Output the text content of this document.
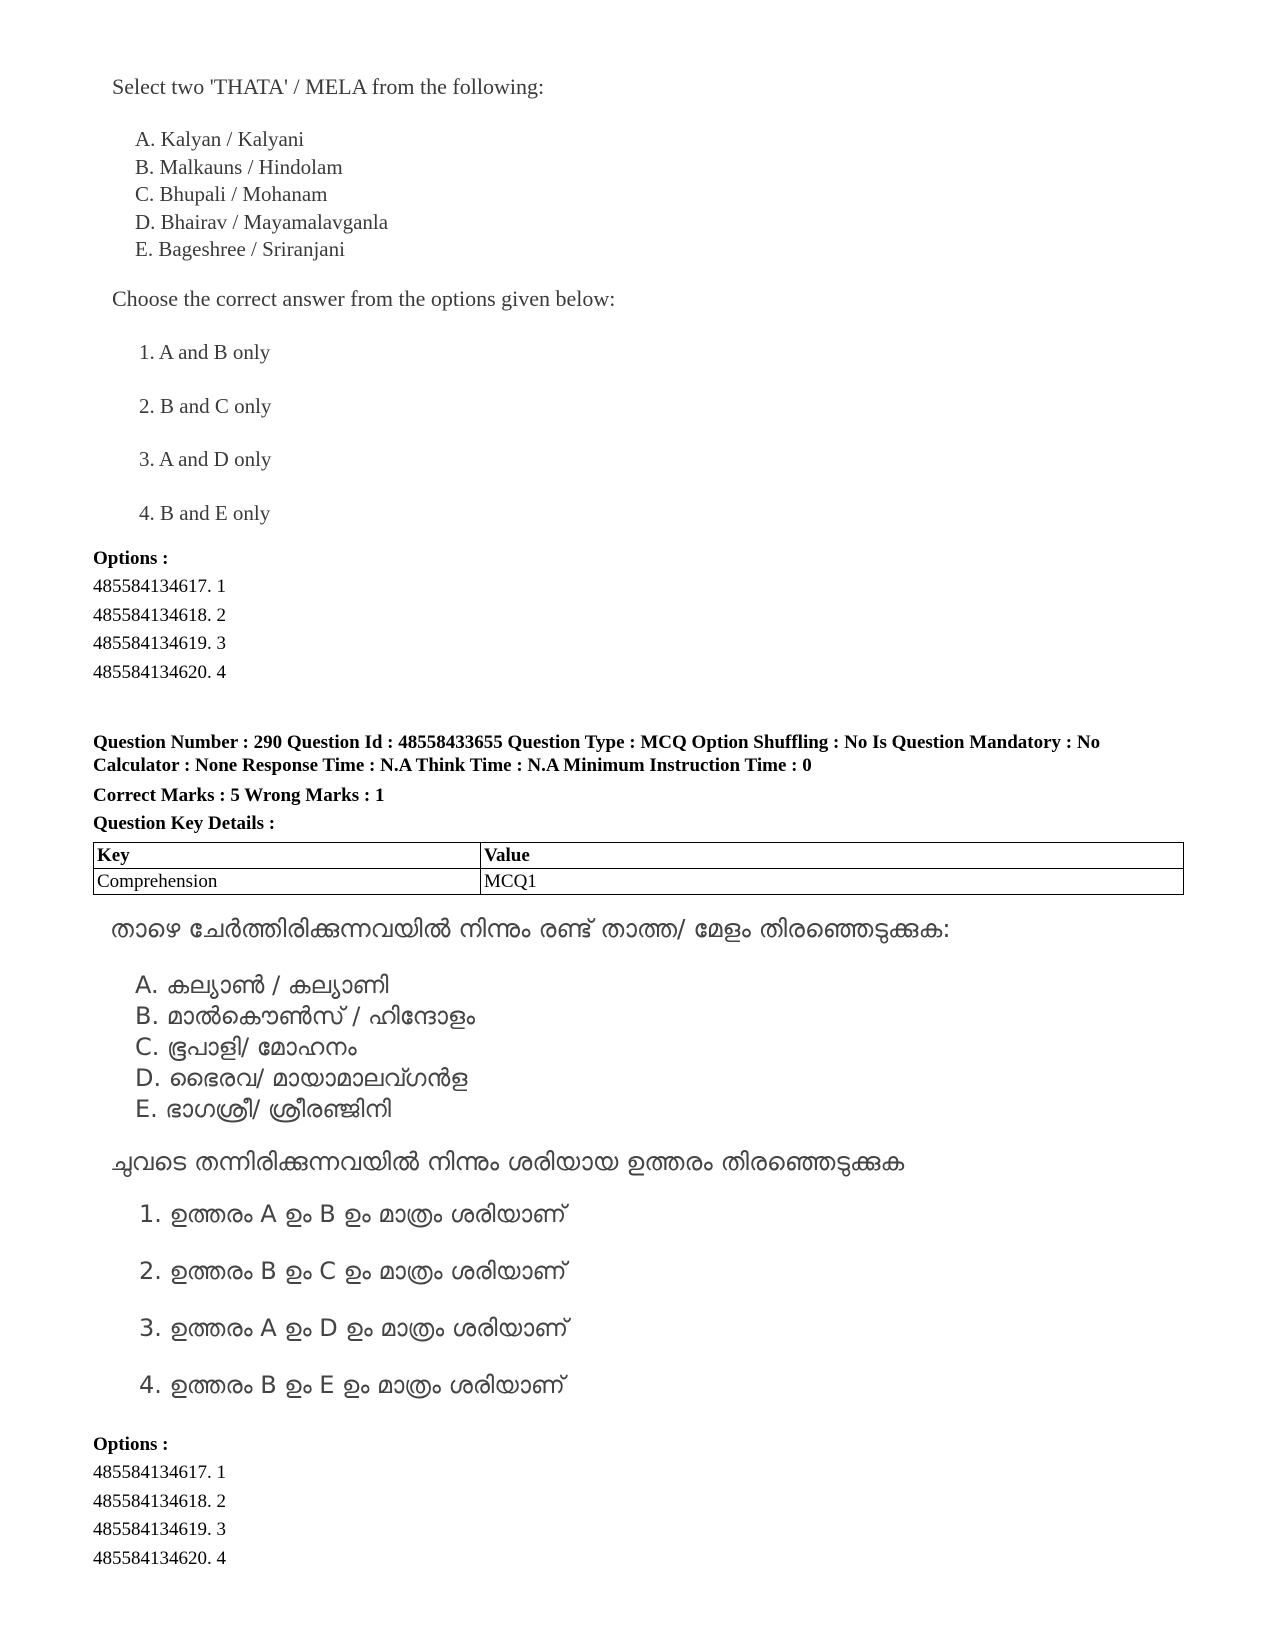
Select two 'THATA' / MELA from the following:
A. Kalyan / Kalyani
B. Malkauns / Hindolam
C. Bhupali / Mohanam
D. Bhairav / Mayamalavganla
E. Bageshree / Sriranjani
Choose the correct answer from the options given below:
1. A and B only
2. B and C only
3. A and D only
4. B and E only
Options :
485584134617. 1
485584134618. 2
485584134619. 3
485584134620. 4
Question Number : 290 Question Id : 48558433655 Question Type : MCQ Option Shuffling : No Is Question Mandatory : No Calculator : None Response Time : N.A Think Time : N.A Minimum Instruction Time : 0
Correct Marks : 5 Wrong Marks : 1
Question Key Details :
Key	Value
Comprehension	MCQ1
താഴെ ചേർത്തിരിക്കുന്നവയിൽ നിന്നും രണ്ട് താത്ത/ മേളം തിരഞ്ഞെടുക്കുക:
A. കല്യാൺ / കല്യാണി
B. മാൽകൌൺസ് / ഹിന്ദോളം
C. ഭൂപാളി/ മോഹനം
D. ഭൈരവ/ മായാമാലവ്ഗൻള
E. ഭാഗശ്രീ/ ശ്രീരഞ്ജിനി
ചുവടെ തന്നിരിക്കുന്നവയിൽ നിന്നും ശരിയായ ഉത്തരം തിരഞ്ഞെടുക്കുക
1. ഉത്തരം A ഉം B ഉം മാത്രം ശരിയാണ്
2. ഉത്തരം B ഉം C ഉം മാത്രം ശരിയാണ്
3. ഉത്തരം A ഉം D ഉം മാത്രം ശരിയാണ്
4. ഉത്തരം B ഉം E ഉം മാത്രം ശരിയാണ്
Options :
485584134617. 1
485584134618. 2
485584134619. 3
485584134620. 4
